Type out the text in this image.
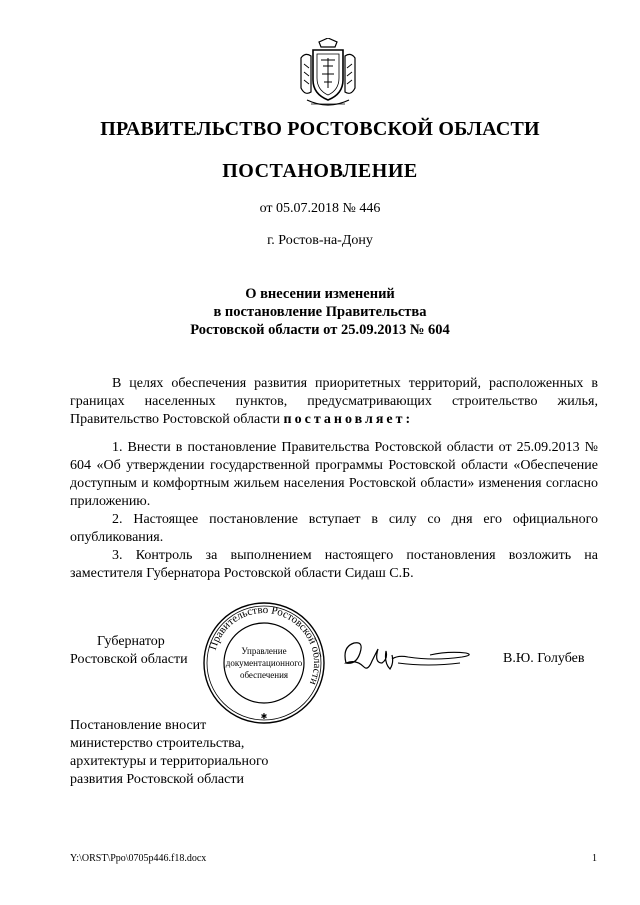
ПРАВИТЕЛЬСТВО РОСТОВСКОЙ ОБЛАСТИ
ПОСТАНОВЛЕНИЕ
от 05.07.2018 № 446
г. Ростов-на-Дону
О внесении изменений
в постановление Правительства
Ростовской области от 25.09.2013 № 604

В целях обеспечения развития приоритетных территорий, расположенных в границах населенных пунктов, предусматривающих строительство жилья, Правительство Ростовской области постановляет:

1. Внести в постановление Правительства Ростовской области от 25.09.2013 № 604 «Об утверждении государственной программы Ростовской области «Обеспечение доступным и комфортным жильем населения Ростовской области» изменения согласно приложению.

2. Настоящее постановление вступает в силу со дня его официального опубликования.

3. Контроль за выполнением настоящего постановления возложить на заместителя Губернатора Ростовской области Сидаш С.Б.

Губернатор
Ростовской области
Правительство Ростовской области
Управление
документационного
обеспечения
✱
В.Ю. Голубев
Постановление вносит
министерство строительства,
архитектуры и территориального
развития Ростовской области
Y:\ORST\Ppo\0705p446.f18.docx	1
